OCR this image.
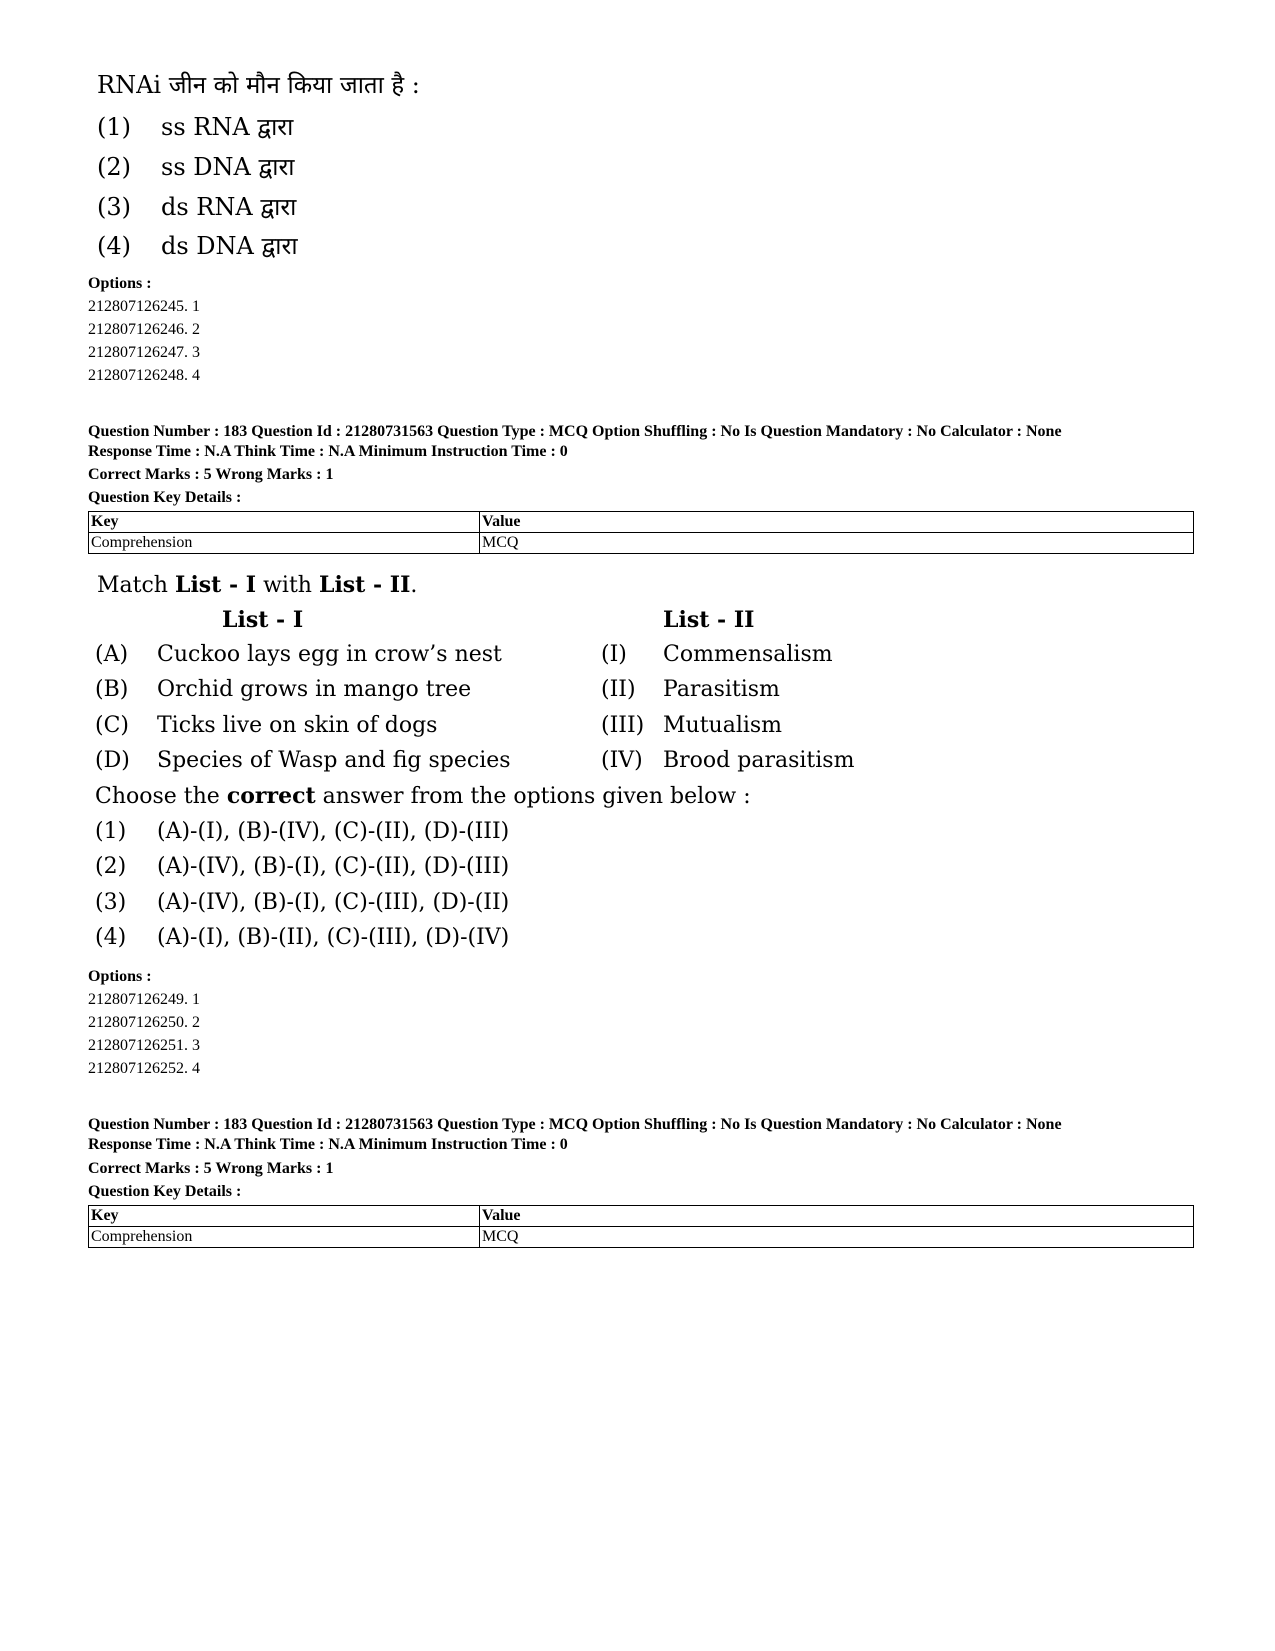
RNAi जीन को मौन किया जाता है :
(1) ss RNA द्वारा
(2) ss DNA द्वारा
(3) ds RNA द्वारा
(4) ds DNA द्वारा
Options :
212807126245. 1
212807126246. 2
212807126247. 3
212807126248. 4
Question Number : 183 Question Id : 21280731563 Question Type : MCQ Option Shuffling : No Is Question Mandatory : No Calculator : None
Response Time : N.A Think Time : N.A Minimum Instruction Time : 0
Correct Marks : 5 Wrong Marks : 1
Question Key Details :
Key	Value
Comprehension	MCQ
Match List - I with List - II.
List - I	List - II
(A) Cuckoo lays egg in crow’s nest	(I) Commensalism
(B) Orchid grows in mango tree	(II) Parasitism
(C) Ticks live on skin of dogs	(III) Mutualism
(D) Species of Wasp and fig species	(IV) Brood parasitism
Choose the correct answer from the options given below :
(1) (A)-(I), (B)-(IV), (C)-(II), (D)-(III)
(2) (A)-(IV), (B)-(I), (C)-(II), (D)-(III)
(3) (A)-(IV), (B)-(I), (C)-(III), (D)-(II)
(4) (A)-(I), (B)-(II), (C)-(III), (D)-(IV)
Options :
212807126249. 1
212807126250. 2
212807126251. 3
212807126252. 4
Question Number : 183 Question Id : 21280731563 Question Type : MCQ Option Shuffling : No Is Question Mandatory : No Calculator : None
Response Time : N.A Think Time : N.A Minimum Instruction Time : 0
Correct Marks : 5 Wrong Marks : 1
Question Key Details :
Key	Value
Comprehension	MCQ
